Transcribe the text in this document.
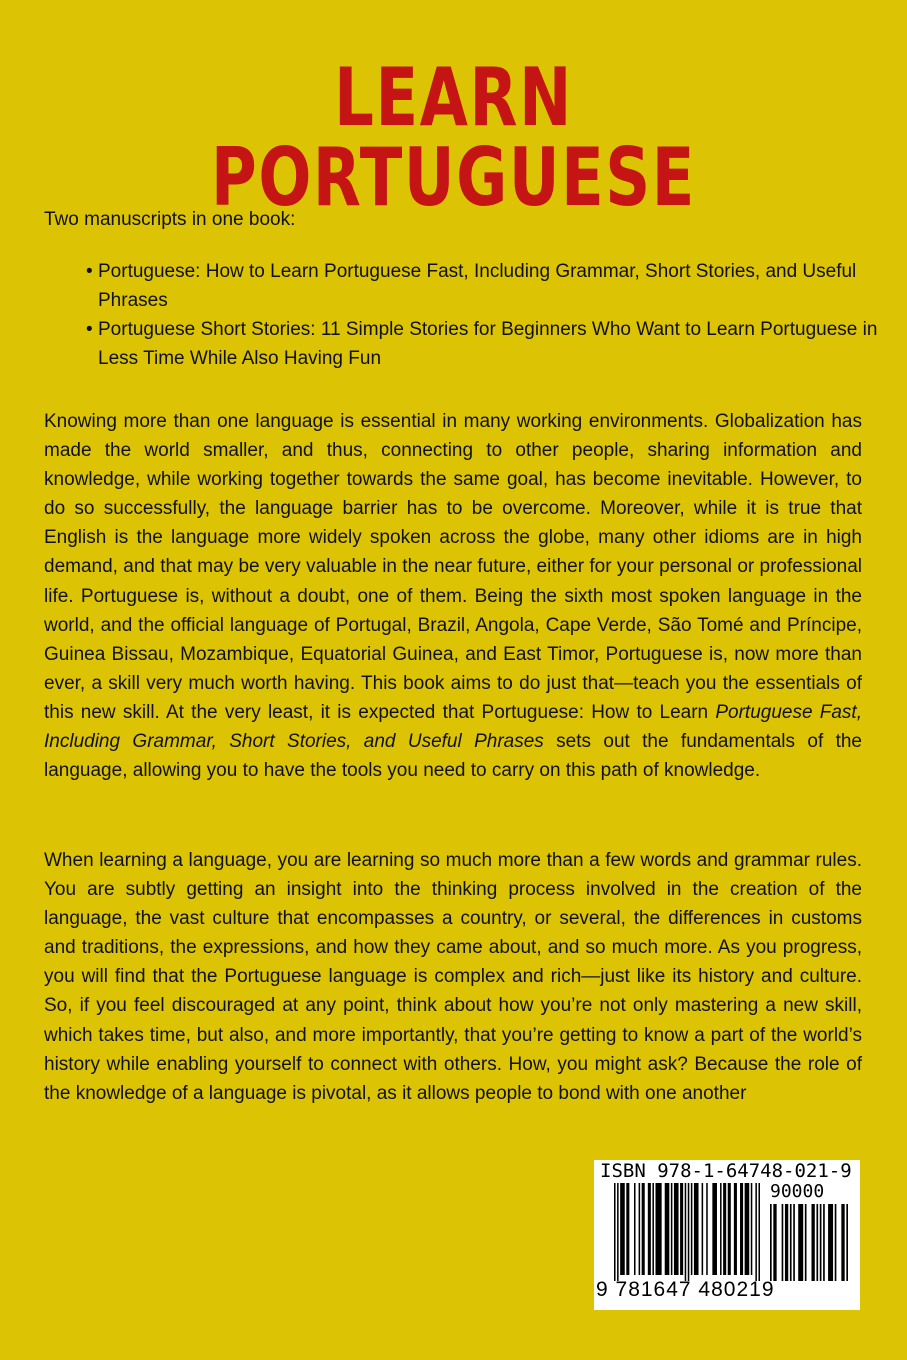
LEARN PORTUGUESE
Two manuscripts in one book:
• Portuguese: How to Learn Portuguese Fast, Including Grammar, Short Stories, and Useful Phrases
• Portuguese Short Stories: 11 Simple Stories for Beginners Who Want to Learn Portuguese in Less Time While Also Having Fun

Knowing more than one language is essential in many working environments. Globalization has made the world smaller, and thus, connecting to other people, sharing information and knowledge, while working together towards the same goal, has become inevitable. However, to do so successfully, the language barrier has to be overcome. Moreover, while it is true that English is the language more widely spoken across the globe, many other idioms are in high demand, and that may be very valuable in the near future, either for your personal or professional life. Portuguese is, without a doubt, one of them. Being the sixth most spoken language in the world, and the official language of Portugal, Brazil, Angola, Cape Verde, São Tomé and Príncipe, Guinea Bissau, Mozambique, Equatorial Guinea, and East Timor, Portuguese is, now more than ever, a skill very much worth having. This book aims to do just that—teach you the essentials of this new skill. At the very least, it is expected that Portuguese: How to Learn Portuguese Fast, Including Grammar, Short Stories, and Useful Phrases sets out the fundamentals of the language, allowing you to have the tools you need to carry on this path of knowledge.

When learning a language, you are learning so much more than a few words and grammar rules. You are subtly getting an insight into the thinking process involved in the creation of the language, the vast culture that encompasses a country, or several, the differences in customs and traditions, the expressions, and how they came about, and so much more. As you progress, you will find that the Portuguese language is complex and rich—just like its history and culture. So, if you feel discouraged at any point, think about how you’re not only mastering a new skill, which takes time, but also, and more importantly, that you’re getting to know a part of the world’s history while enabling yourself to connect with others. How, you might ask? Because the role of the knowledge of a language is pivotal, as it allows people to bond with one another

ISBN 978-1-64748-021-9
90000
9 781647 480219
